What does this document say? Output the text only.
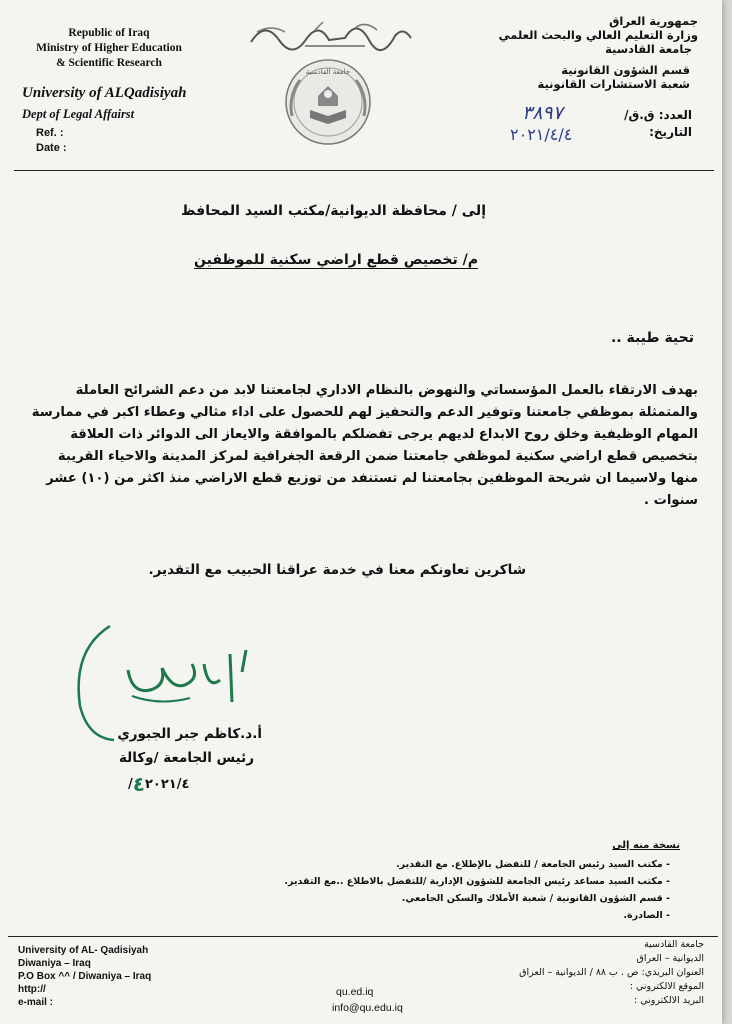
Republic of Iraq
Ministry of Higher Education
& Scientific Research
University of ALQadisiyah
Dept of Legal Affairst
Ref. :
Date :
جامعة القادسية
جمهورية العراق
وزارة التعليم العالي والبحث العلمي
جامعة القادسية
قسم الشؤون القانونية
شعبة الاستشارات القانونية
العدد: ق.ق/
٣٨٩٧
التاريخ:
٢٠٢١/٤/٤
إلى / محافظة الديوانية/مكتب السيد المحافظ
م/ تخصيص قطع اراضي سكنية للموظفين
تحية طيبة ..
بهدف الارتقاء بالعمل المؤسساتي والنهوض بالنظام الاداري لجامعتنا لابد من دعم الشرائح العاملة
والمتمثلة بموظفي جامعتنا وتوفير الدعم والتحفيز لهم للحصول على اداء مثالي وعطاء اكبر في ممارسة
المهام الوظيفية وخلق روح الابداع لديهم يرجى تفضلكم بالموافقة والايعاز الى الدوائر ذات العلاقة
بتخصيص قطع اراضي سكنية لموظفي جامعتنا ضمن الرقعة الجغرافية لمركز المدينة والاحياء القريبة
منها ولاسيما ان شريحة الموظفين بجامعتنا لم تستنفد من توزيع قطع الاراضي منذ اكثر من (١٠) عشر
سنوات .
شاكرين تعاونكم معنا في خدمة عراقنا الحبيب مع التقدير.
أ.د.كاظم جبر الجبوري
رئيس الجامعة /وكالة
٤٢٠٢١/٤/
نسخة منه إلى
- مكتب السيد رئيس الجامعة / للتفضل بالإطلاع. مع التقدير.
- مكتب السيد مساعد رئيس الجامعة للشؤون الإدارية /للتفضل بالاطلاع ..مع التقدير.
- قسم الشؤون القانونية / شعبة الأملاك والسكن الجامعي.
- الصادرة.
University of AL- Qadisiyah
Diwaniya – Iraq
P.O Box ^^ / Diwaniya – Iraq
http://
e-mail :
qu.ed.iq
info@qu.edu.iq
جامعة القادسية
الديوانية – العراق
العنوان البريدي: ص . ب ٨٨ / الديوانية – العراق
الموقع الالكتروني :
البريد الالكتروني :
